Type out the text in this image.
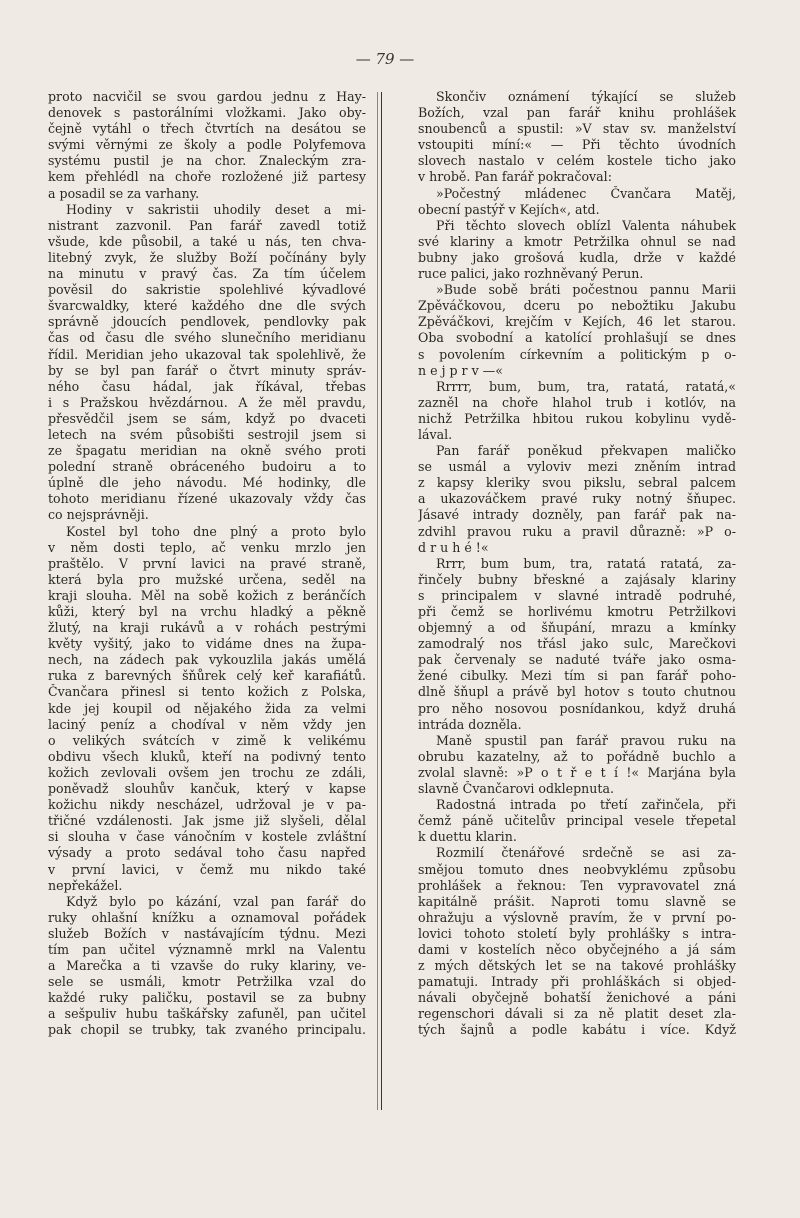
— 79 —
proto nacvičil se svou gardou jednu z Hay-
denovek s pastorálními vložkami. Jako oby-
čejně vytáhl o třech čtvrtích na desátou se
svými věrnými ze školy a podle Polyfemova
systému pustil je na chor. Znaleckým zra-
kem přehlédl na choře rozložené již partesy
a posadil se za varhany.
Hodiny v sakristii uhodily deset a mi-
nistrant zazvonil. Pan farář zavedl totiž
všude, kde působil, a také u nás, ten chva-
litebný zvyk, že služby Boží počínány byly
na minutu v pravý čas. Za tím účelem
pověsil do sakristie spolehlivé kývadlové
švarcwaldky, které každého dne dle svých
správně jdoucích pendlovek, pendlovky pak
čas od času dle svého slunečního meridianu
řídil. Meridian jeho ukazoval tak spolehlivě, že
by se byl pan farář o čtvrt minuty správ-
ného času hádal, jak říkával, třebas
i s Pražskou hvězdárnou. A že měl pravdu,
přesvědčil jsem se sám, když po dvaceti
letech na svém působišti sestrojil jsem si
ze špagatu meridian na okně svého proti
polední straně obráceného budoiru a to
úplně dle jeho návodu. Mé hodinky, dle
tohoto meridianu řízené ukazovaly vždy čas
co nejsprávněji.
Kostel byl toho dne plný a proto bylo
v něm dosti teplo, ač venku mrzlo jen
praštělo. V první lavici na pravé straně,
která byla pro mužské určena, seděl na
kraji slouha. Měl na sobě kožich z beránčích
kůži, který byl na vrchu hladký a pěkně
žlutý, na kraji rukávů a v rohách pestrými
květy vyšitý, jako to vidáme dnes na župa-
nech, na zádech pak vykouzlila jakás umělá
ruka z barevných šňůrek celý keř karafiátů.
Čvančara přinesl si tento kožich z Polska,
kde jej koupil od nějakého žida za velmi
laciný peníz a chodíval v něm vždy jen
o velikých svátcích v zimě k velikému
obdivu všech kluků, kteří na podivný tento
kožich zevlovali ovšem jen trochu ze zdáli,
poněvadž slouhův kančuk, který v kapse
kožichu nikdy nescházel, udržoval je v pa-
třičné vzdálenosti. Jak jsme již slyšeli, dělal
si slouha v čase vánočním v kostele zvláštní
výsady a proto sedával toho času napřed
v první lavici, v čemž mu nikdo také
nepřekážel.
Když bylo po kázání, vzal pan farář do
ruky ohlašní knížku a oznamoval pořádek
služeb Božích v nastávajícím týdnu. Mezi
tím pan učitel významně mrkl na Valentu
a Marečka a ti vzavše do ruky klariny, ve-
sele se usmáli, kmotr Petržilka vzal do
každé ruky paličku, postavil se za bubny
a sešpuliv hubu taškářsky zafuněl, pan učitel
pak chopil se trubky, tak zvaného principalu.
Skončiv oznámení týkající se služeb
Božích, vzal pan farář knihu prohlášek
snoubenců a spustil: »V stav sv. manželství
vstoupiti míní:« — Při těchto úvodních
slovech nastalo v celém kostele ticho jako
v hrobě. Pan farář pokračoval:
»Počestný mládenec Čvančara Matěj,
obecní pastýř v Kejích«, atd.
Při těchto slovech oblízl Valenta náhubek
své klariny a kmotr Petržilka ohnul se nad
bubny jako grošová kudla, drže v každé
ruce palici, jako rozhněvaný Perun.
»Bude sobě bráti počestnou pannu Marii
Zpěváčkovou, dceru po nebožtiku Jakubu
Zpěváčkovi, krejčím v Kejích, 46 let starou.
Oba svobodní a katolící prohlašují se dnes
s povolením církevním a politickým p o-
n e j p r v —«
Rrrrr, bum, bum, tra, ratatá, ratatá,«
zazněl na choře hlahol trub i kotlóv, na
nichž Petržilka hbitou rukou kobylinu vydě-
lával.
Pan farář poněkud překvapen maličko
se usmál a vyloviv mezi zněním intrad
z kapsy kleriky svou pikslu, sebral palcem
a ukazováčkem pravé ruky notný šňupec.
Jásavé intrady dozněly, pan farář pak na-
zdvihl pravou ruku a pravil důrazně: »P o-
d r u h é !«
Rrrr, bum bum, tra, ratatá ratatá, za-
řinčely bubny břeskné a zajásaly klariny
s principalem v slavné intradě podruhé,
při čemž se horlivému kmotru Petržilkovi
objemný a od šňupání, mrazu a kmínky
zamodralý nos třásl jako sulc, Marečkovi
pak červenaly se naduté tváře jako osma-
žené cibulky. Mezi tím si pan farář poho-
dlně šňupl a právě byl hotov s touto chutnou
pro něho nosovou posnídankou, když druhá
intráda dozněla.
Maně spustil pan farář pravou ruku na
obrubu kazatelny, až to pořádně buchlo a
zvolal slavně: »P o t ř e t í !« Marjána byla
slavně Čvančarovi odklepnuta.
Radostná intrada po třetí zařinčela, při
čemž páně učitelův principal vesele třepetal
k duettu klarin.
Rozmilí čtenářové srdečně se asi za-
smějou tomuto dnes neobvyklému způsobu
prohlášek a řeknou: Ten vypravovatel zná
kapitálně prášit. Naproti tomu slavně se
ohražuju a výslovně pravím, že v první po-
lovici tohoto století byly prohlášky s intra-
dami v kostelích něco obyčejného a já sám
z mých dětských let se na takové prohlášky
pamatuji. Intrady při prohláškách si objed-
návali obyčejně bohatší ženichové a páni
regenschori dávali si za ně platit deset zla-
tých šajnů a podle kabátu i více. Když
